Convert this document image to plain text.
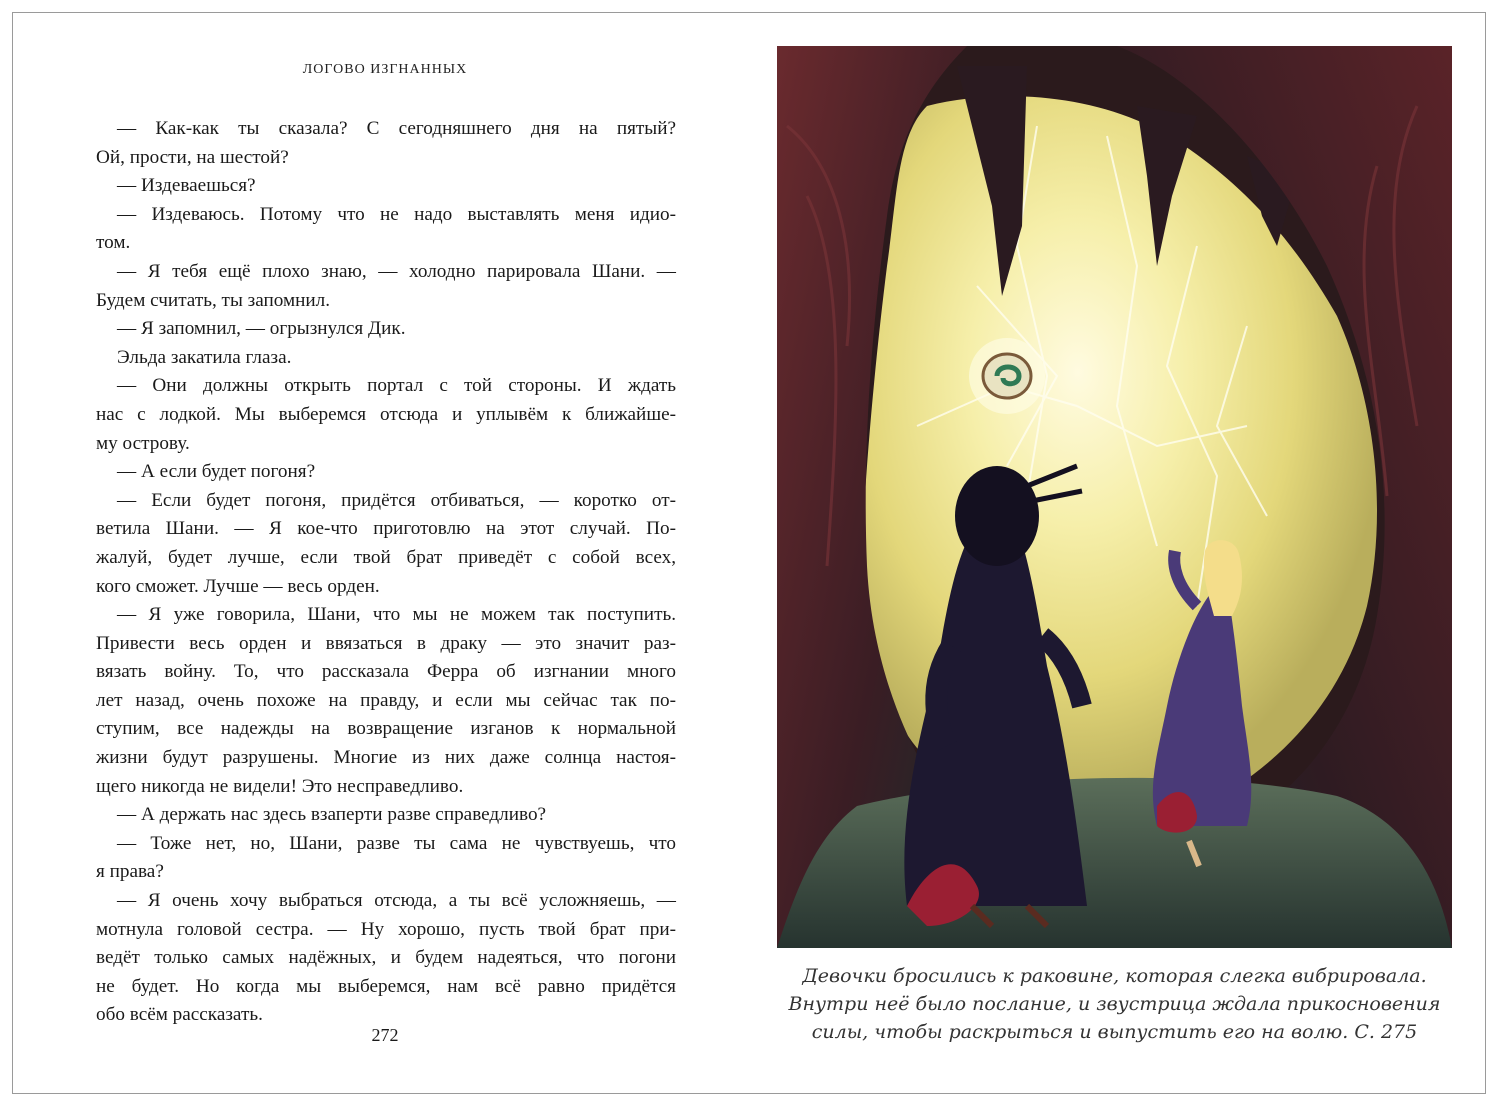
ЛОГОВО ИЗГНАННЫХ
— Как-как ты сказала? С сегодняшнего дня на пятый?
Ой, прости, на шестой?
— Издеваешься?
— Издеваюсь. Потому что не надо выставлять меня идио-
том.
— Я тебя ещё плохо знаю, — холодно парировала Шани. —
Будем считать, ты запомнил.
— Я запомнил, — огрызнулся Дик.
Эльда закатила глаза.
— Они должны открыть портал с той стороны. И ждать
нас с лодкой. Мы выберемся отсюда и уплывём к ближайше-
му острову.
— А если будет погоня?
— Если будет погоня, придётся отбиваться, — коротко от-
ветила Шани. — Я кое-что приготовлю на этот случай. По-
жалуй, будет лучше, если твой брат приведёт с собой всех,
кого сможет. Лучше — весь орден.
— Я уже говорила, Шани, что мы не можем так поступить.
Привести весь орден и ввязаться в драку — это значит раз-
вязать войну. То, что рассказала Ферра об изгнании много
лет назад, очень похоже на правду, и если мы сейчас так по-
ступим, все надежды на возвращение изганов к нормальной
жизни будут разрушены. Многие из них даже солнца настоя-
щего никогда не видели! Это несправедливо.
— А держать нас здесь взаперти разве справедливо?
— Тоже нет, но, Шани, разве ты сама не чувствуешь, что
я права?
— Я очень хочу выбраться отсюда, а ты всё усложняешь, —
мотнула головой сестра. — Ну хорошо, пусть твой брат при-
ведёт только самых надёжных, и будем надеяться, что погони
не будет. Но когда мы выберемся, нам всё равно придётся
обо всём рассказать.
272
Девочки бросились к раковине, которая слегка вибрировала.
Внутри неё было послание, и звустрица ждала прикосновения
силы, чтобы раскрыться и выпустить его на волю. С. 275
